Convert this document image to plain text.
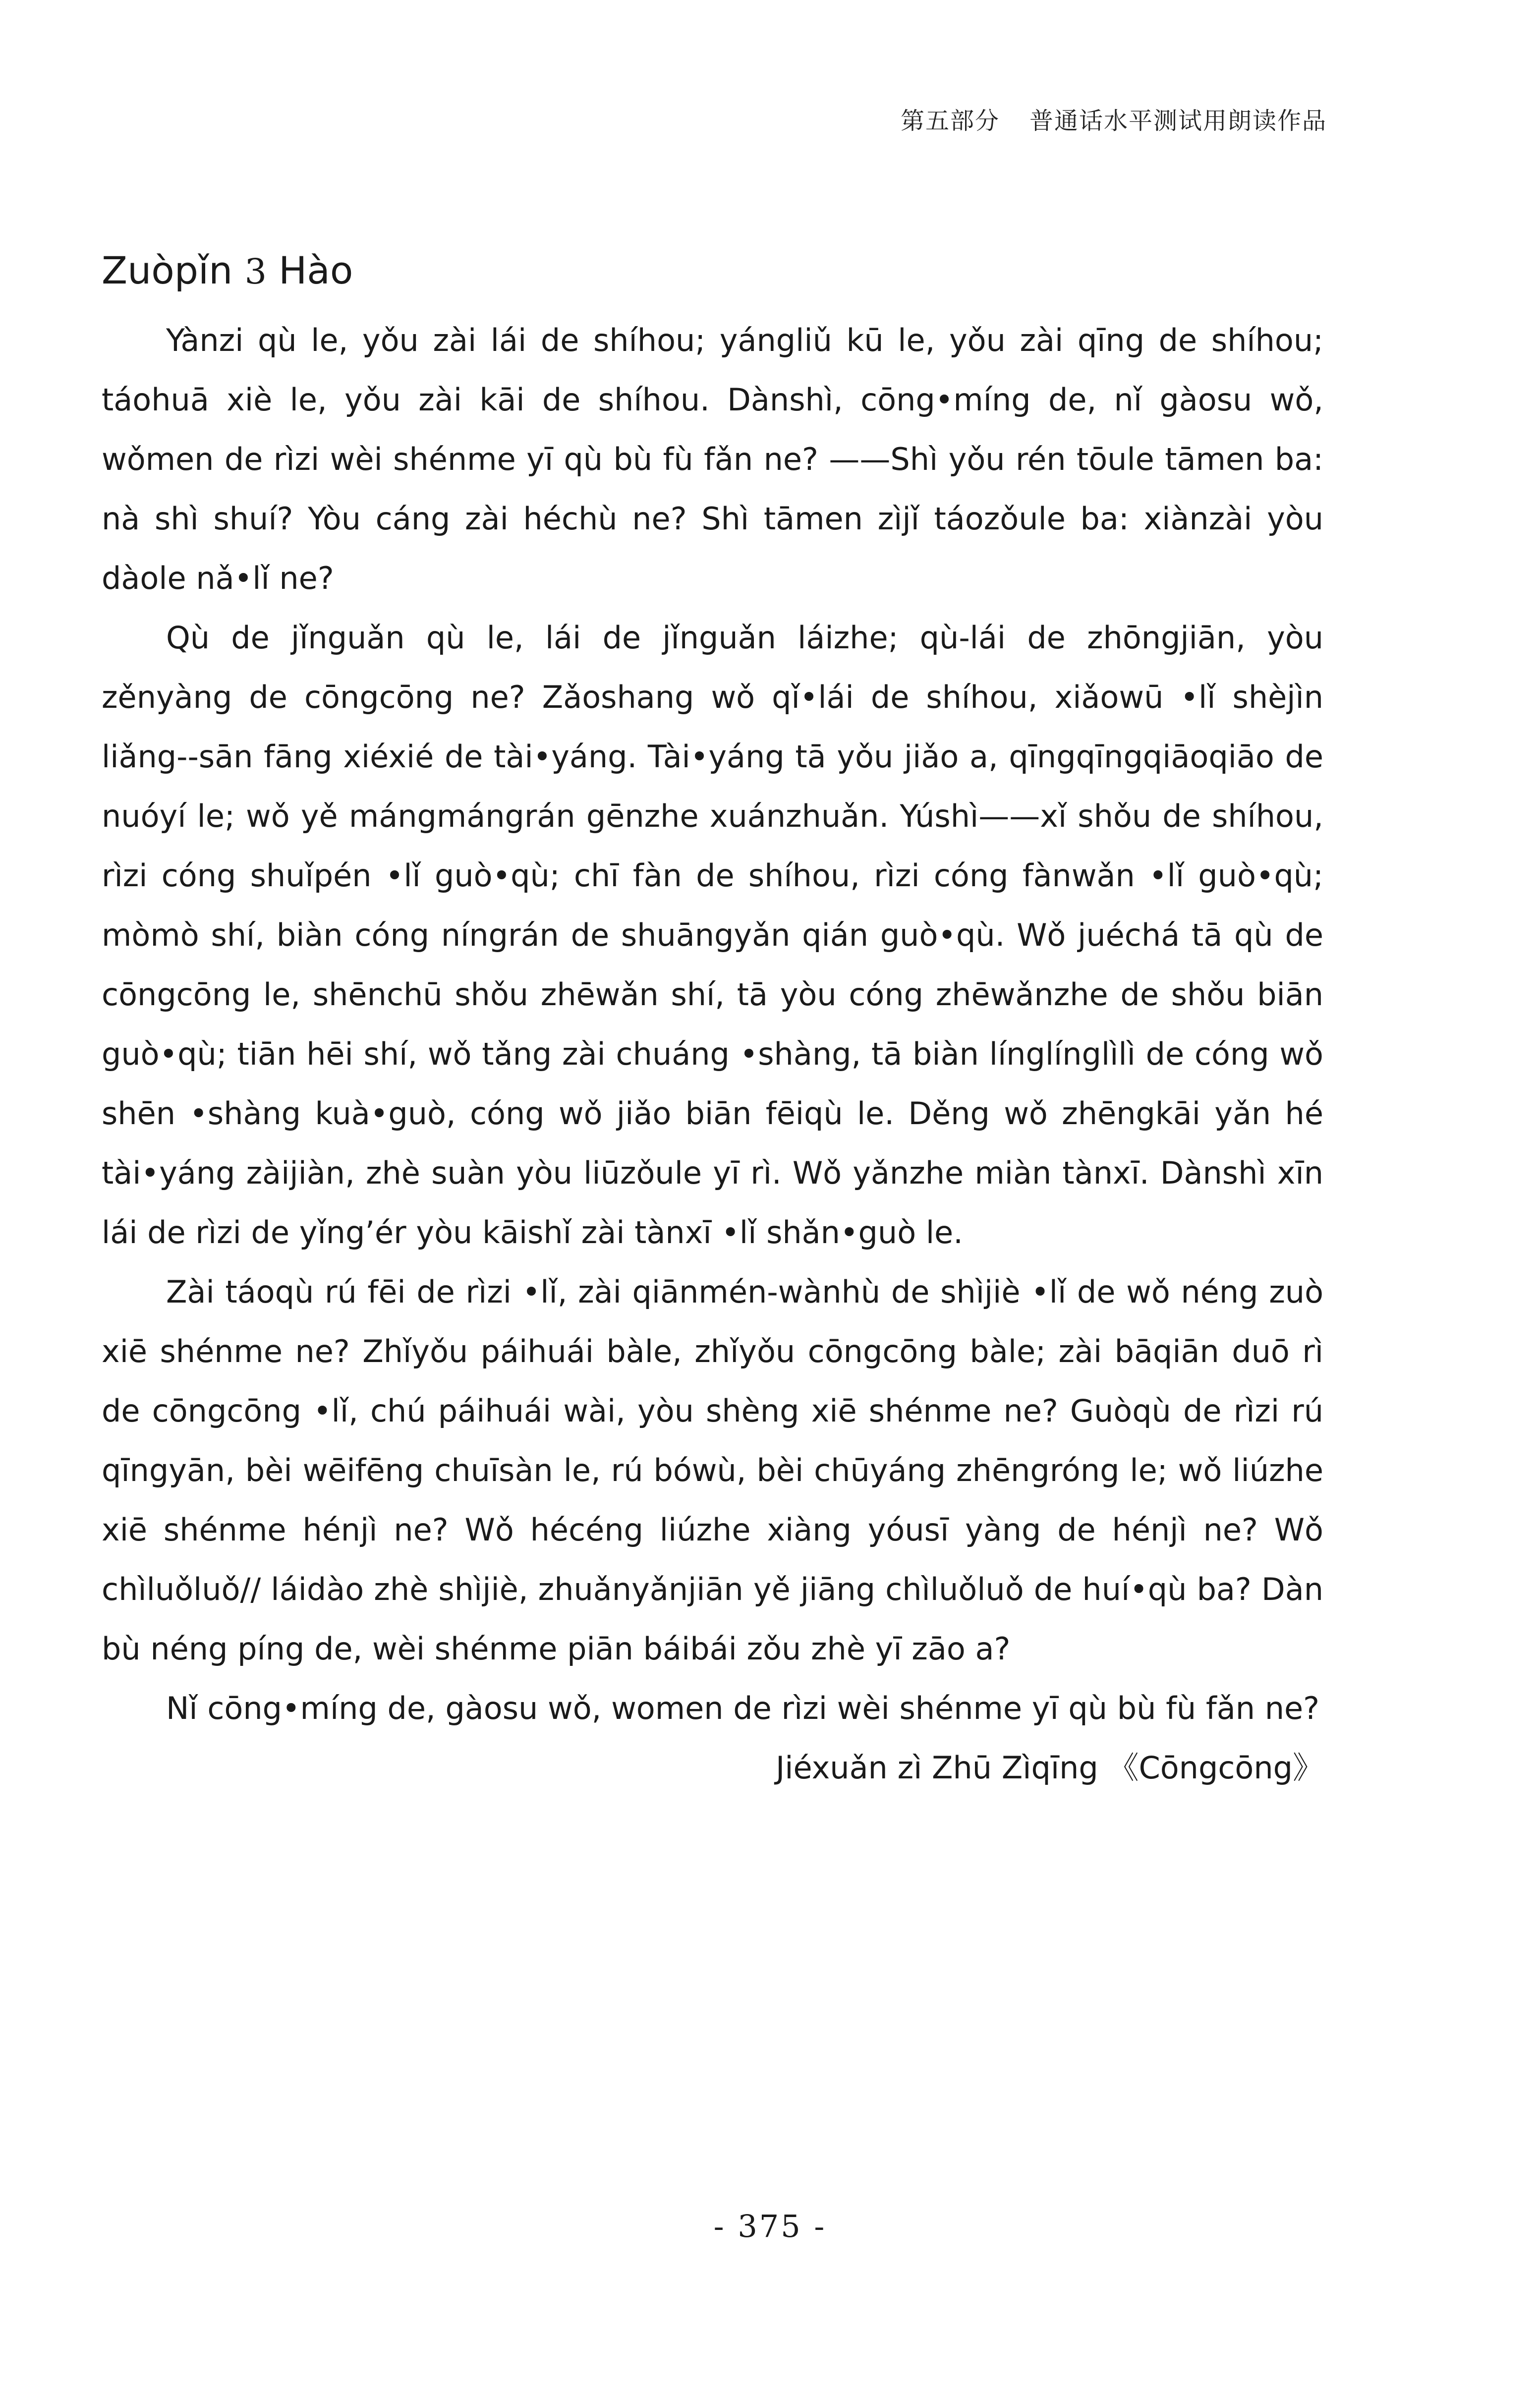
第五部分 普通话水平测试用朗读作品
Zuòpǐn 3 Hào

Yànzi qù le, yǒu zài lái de shíhou; yángliǔ kū le, yǒu zài qīng de shíhou; táohuā xiè le, yǒu zài kāi de shíhou. Dànshì, cōng•míng de, nǐ gàosu wǒ, wǒmen de rìzi wèi shénme yī qù bù fù fǎn ne? ——Shì yǒu rén tōule tāmen ba: nà shì shuí? Yòu cáng zài héchù ne? Shì tāmen zìjǐ táozǒule ba: xiànzài yòu dàole nǎ•lǐ ne?

Qù de jǐnguǎn qù le, lái de jǐnguǎn láizhe; qù-lái de zhōngjiān, yòu zěnyàng de cōngcōng ne? Zǎoshang wǒ qǐ•lái de shíhou, xiǎowū •lǐ shèjìn liǎng--sān fāng xiéxié de tài•yáng. Tài•yáng tā yǒu jiǎo a, qīngqīngqiāoqiāo de nuóyí le; wǒ yě mángmángrán gēnzhe xuánzhuǎn. Yúshì——xǐ shǒu de shíhou, rìzi cóng shuǐpén •lǐ guò•qù; chī fàn de shíhou, rìzi cóng fànwǎn •lǐ guò•qù; mòmò shí, biàn cóng níngrán de shuāngyǎn qián guò•qù. Wǒ juéchá tā qù de cōngcōng le, shēnchū shǒu zhēwǎn shí, tā yòu cóng zhēwǎnzhe de shǒu biān guò•qù; tiān hēi shí, wǒ tǎng zài chuáng •shàng, tā biàn línglínglìlì de cóng wǒ shēn •shàng kuà•guò, cóng wǒ jiǎo biān fēiqù le. Děng wǒ zhēngkāi yǎn hé tài•yáng zàijiàn, zhè suàn yòu liūzǒule yī rì. Wǒ yǎnzhe miàn tànxī. Dànshì xīn lái de rìzi de yǐng’ér yòu kāishǐ zài tànxī •lǐ shǎn•guò le.

Zài táoqù rú fēi de rìzi •lǐ, zài qiānmén-wànhù de shìjiè •lǐ de wǒ néng zuò xiē shénme ne? Zhǐyǒu páihuái bàle, zhǐyǒu cōngcōng bàle; zài bāqiān duō rì de cōngcōng •lǐ, chú páihuái wài, yòu shèng xiē shénme ne? Guòqù de rìzi rú qīngyān, bèi wēifēng chuīsàn le, rú bówù, bèi chūyáng zhēngróng le; wǒ liúzhe xiē shénme hénjì ne? Wǒ hécéng liúzhe xiàng yóusī yàng de hénjì ne? Wǒ chìluǒluǒ// láidào zhè shìjiè, zhuǎnyǎnjiān yě jiāng chìluǒluǒ de huí•qù ba? Dàn bù néng píng de, wèi shénme piān báibái zǒu zhè yī zāo a?

Nǐ cōng•míng de, gàosu wǒ, women de rìzi wèi shénme yī qù bù fù fǎn ne?

Jiéxuǎn zì Zhū Zìqīng 《Cōngcōng》

- 375 -
